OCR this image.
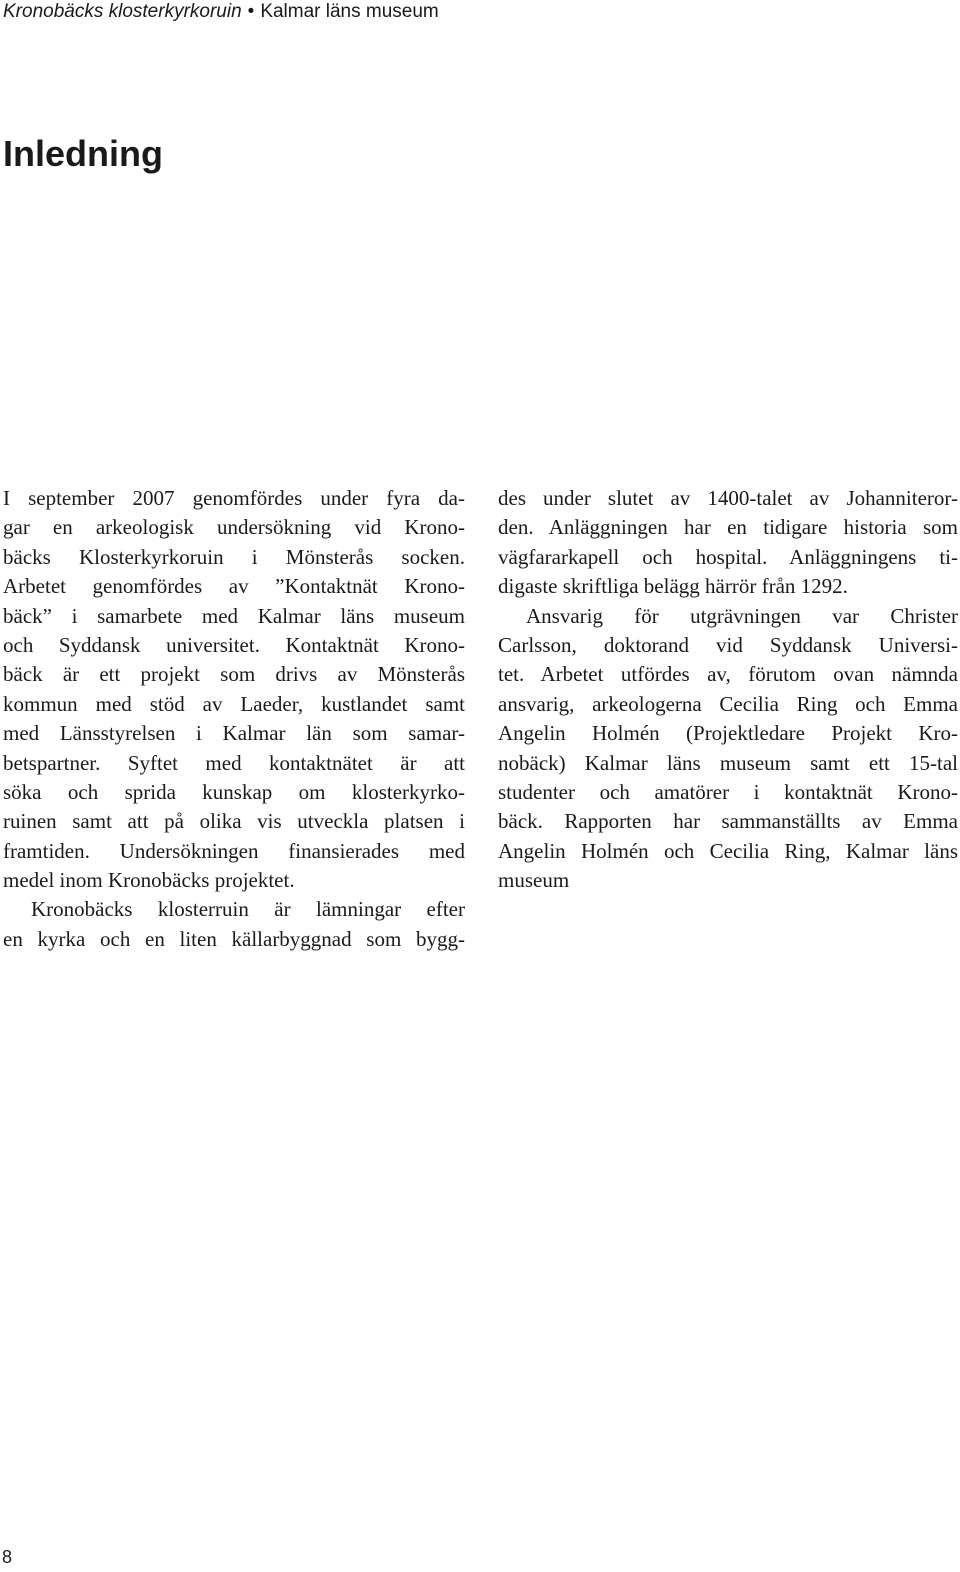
Kronobäcks klosterkyrkoruin • Kalmar läns museum
Inledning
I september 2007 genomfördes under fyra da-
gar en arkeologisk undersökning vid Krono-
bäcks Klosterkyrkoruin i Mönsterås socken.
Arbetet genomfördes av ”Kontaktnät Krono-
bäck” i samarbete med Kalmar läns museum
och Syddansk universitet. Kontaktnät Krono-
bäck är ett projekt som drivs av Mönsterås
kommun med stöd av Laeder, kustlandet samt
med Länsstyrelsen i Kalmar län som samar-
betspartner. Syftet med kontaktnätet är att
söka och sprida kunskap om klosterkyrko-
ruinen samt att på olika vis utveckla platsen i
framtiden. Undersökningen finansierades med
medel inom Kronobäcks projektet.
Kronobäcks klosterruin är lämningar efter
en kyrka och en liten källarbyggnad som bygg-
des under slutet av 1400-talet av Johanniteror-
den. Anläggningen har en tidigare historia som
vägfararkapell och hospital. Anläggningens ti-
digaste skriftliga belägg härrör från 1292.
Ansvarig för utgrävningen var Christer
Carlsson, doktorand vid Syddansk Universi-
tet. Arbetet utfördes av, förutom ovan nämnda
ansvarig, arkeologerna Cecilia Ring och Emma
Angelin Holmén (Projektledare Projekt Kro-
nobäck) Kalmar läns museum samt ett 15-tal
studenter och amatörer i kontaktnät Krono-
bäck. Rapporten har sammanställts av Emma
Angelin Holmén och Cecilia Ring, Kalmar läns
museum
8
